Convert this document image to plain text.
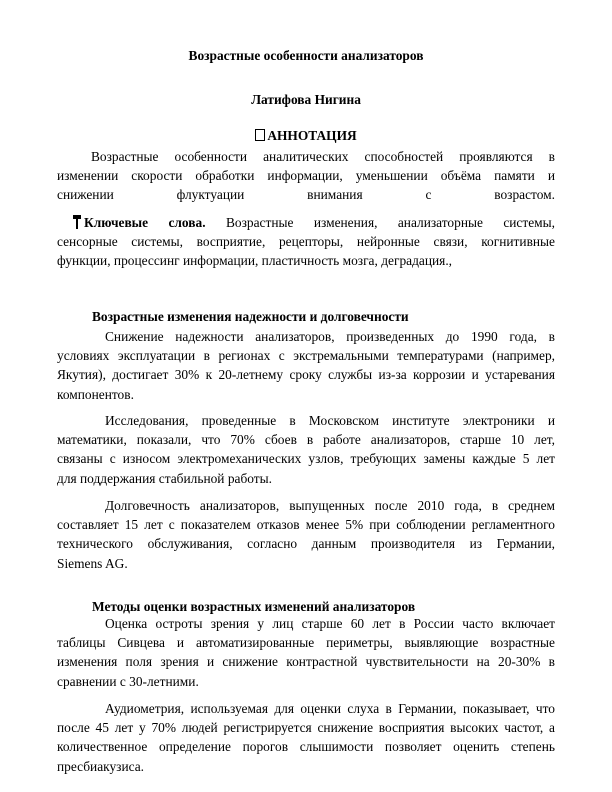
Возрастные особенности анализаторов
Латифова Нигина
АННОТАЦИЯ
Возрастные особенности аналитических способностей проявляются в
изменении скорости обработки информации, уменьшении объёма памяти и
снижении флуктуации внимания с возрастом.
Ключевые слова. Возрастные изменения, анализаторные системы,
сенсорные системы, восприятие, рецепторы, нейронные связи, когнитивные
функции, процессинг информации, пластичность мозга, деградация.,
Возрастные изменения надежности и долговечности
Снижение надежности анализаторов, произведенных до 1990 года, в
условиях эксплуатации в регионах с экстремальными температурами (например,
Якутия), достигает 30% к 20-летнему сроку службы из-за коррозии и устаревания
компонентов.
Исследования, проведенные в Московском институте электроники и
математики, показали, что 70% сбоев в работе анализаторов, старше 10 лет,
связаны с износом электромеханических узлов, требующих замены каждые 5 лет
для поддержания стабильной работы.
Долговечность анализаторов, выпущенных после 2010 года, в среднем
составляет 15 лет с показателем отказов менее 5% при соблюдении регламентного
технического обслуживания, согласно данным производителя из Германии,
Siemens AG.
Методы оценки возрастных изменений анализаторов
Оценка остроты зрения у лиц старше 60 лет в России часто включает
таблицы Сивцева и автоматизированные периметры, выявляющие возрастные
изменения поля зрения и снижение контрастной чувствительности на 20-30% в
сравнении с 30-летними.
Аудиометрия, используемая для оценки слуха в Германии, показывает, что
после 45 лет у 70% людей регистрируется снижение восприятия высоких частот, а
количественное определение порогов слышимости позволяет оценить степень
пресбиакузиса.
